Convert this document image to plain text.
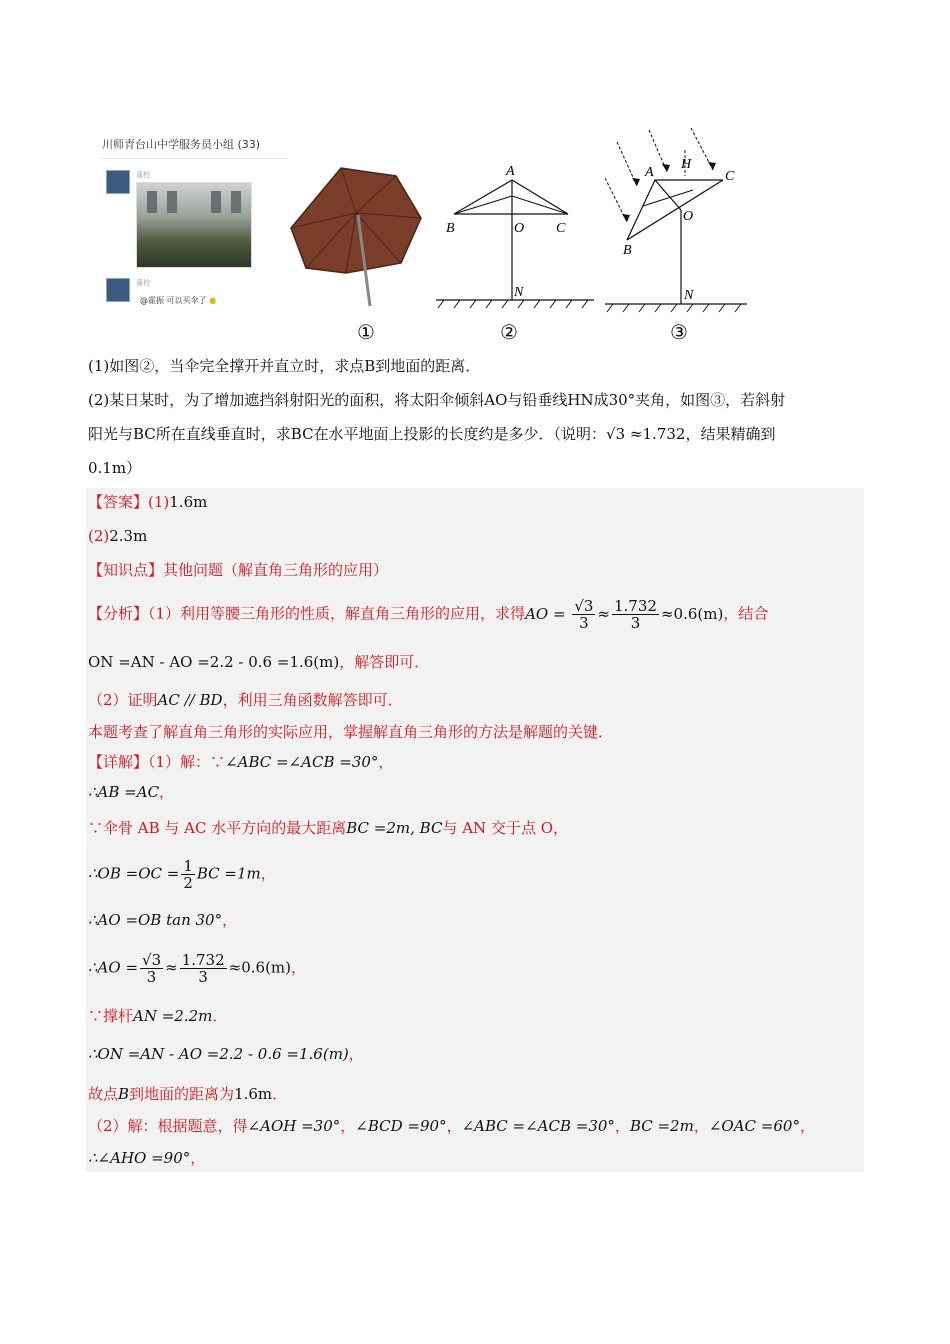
川师青台山中学服务员小组 (33)
蒲校
蒲校
@霍振 可以买伞了 ●
A
B	O C
N
A
H
C
O
B
N
①	②	③
(1)如图②，当伞完全撑开并直立时，求点B到地面的距离．
(2)某日某时，为了增加遮挡斜射阳光的面积，将太阳伞倾斜AO与铅垂线HN成30°夹角，如图③，若斜射
阳光与BC所在直线垂直时，求BC在水平地面上投影的长度约是多少．（说明：√3 ≈1.732，结果精确到
0.1m）
【答案】(1)1.6m
(2)2.3m
【知识点】其他问题（解直角三角形的应用）
【分析】（1）利用等腰三角形的性质，解直角三角形的应用，求得AO = $\frac{√3}{3} \approx \frac{1.732}{3} \approx 0.6(m)$，结合
ON =AN - AO =2.2 - 0.6 =1.6(m)，解答即可．
（2）证明AC // BD，利用三角函数解答即可．
本题考查了解直角三角形的实际应用，掌握解直角三角形的方法是解题的关键．
【详解】（1）解：∵∠ABC =∠ACB =30°，
∴AB =AC，
∵伞骨 AB 与 AC 水平方向的最大距离BC =2m, BC与 AN 交于点 O，
∴OB $=OC = \frac{1}{2}$ BC =1m，
∴AO =OB tan 30°，
∴AO = $\frac{√3}{3} \approx \frac{1.732}{3} \approx 0.6(m)$，
∵撑杆AN =2.2m．
∴ON =AN - AO =2.2 - 0.6 =1.6(m)，
故点B到地面的距离为1.6m．
（2）解：根据题意，得∠AOH =30°，∠BCD =90°，∠ABC =∠ACB =30°，BC =2m，∠OAC =60°，
∴∠AHO =90°，
